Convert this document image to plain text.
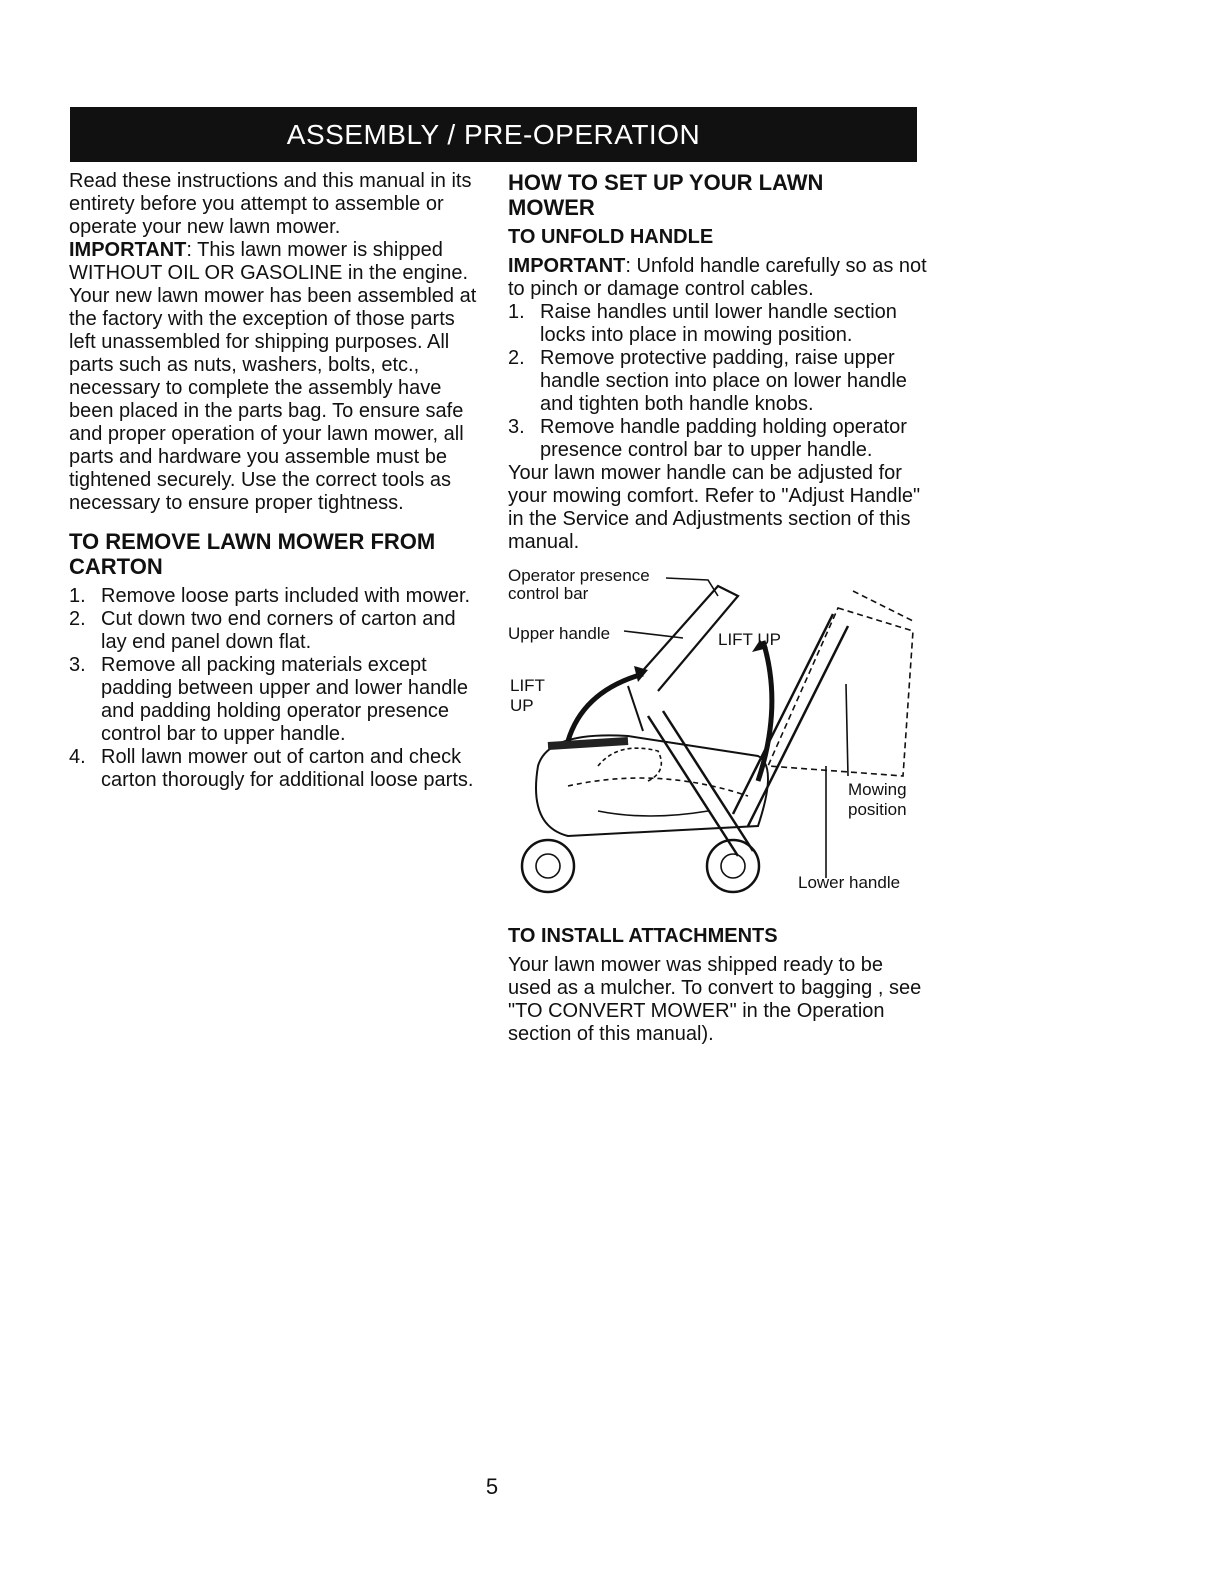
ASSEMBLY / PRE-OPERATION

Read these instructions and this manual in its entirety before you attempt to assemble or operate your new lawn mower.

IMPORTANT: This lawn mower is shipped WITHOUT OIL OR GASOLINE in the engine.

Your new lawn mower has been assembled at the factory with the exception of those parts left unassembled for shipping purposes. All parts such as nuts, washers, bolts, etc., necessary to complete the assembly have been placed in the parts bag. To ensure safe and proper operation of your lawn mower, all parts and hardware you assemble must be tightened securely. Use the correct tools as necessary to ensure proper tightness.

TO REMOVE LAWN MOWER FROM CARTON
1. Remove loose parts included with mower.
2. Cut down two end corners of carton and lay end panel down flat.
3. Remove all packing materials except padding between upper and lower handle and padding holding operator presence control bar to upper handle.
4. Roll lawn mower out of carton and check carton thorougly for additional loose parts.
HOW TO SET UP YOUR LAWN MOWER
TO UNFOLD HANDLE

IMPORTANT: Unfold handle carefully so as not to pinch or damage control cables.

1. Raise handles until lower handle section locks into place in mowing position.
2. Remove protective padding, raise upper handle section into place on lower handle and tighten both handle knobs.
3. Remove handle padding holding operator presence control bar to upper handle.

Your lawn mower handle can be adjusted for your mowing comfort. Refer to "Adjust Handle" in the Service and Adjustments section of this manual.

Operator presence
control bar
Upper handle	LIFT UP
LIFT
UP
Mowing
position
Lower handle
TO INSTALL ATTACHMENTS

Your lawn mower was shipped ready to be used as a mulcher. To convert to bagging , see "TO CONVERT MOWER" in the Operation section of this manual).

5
